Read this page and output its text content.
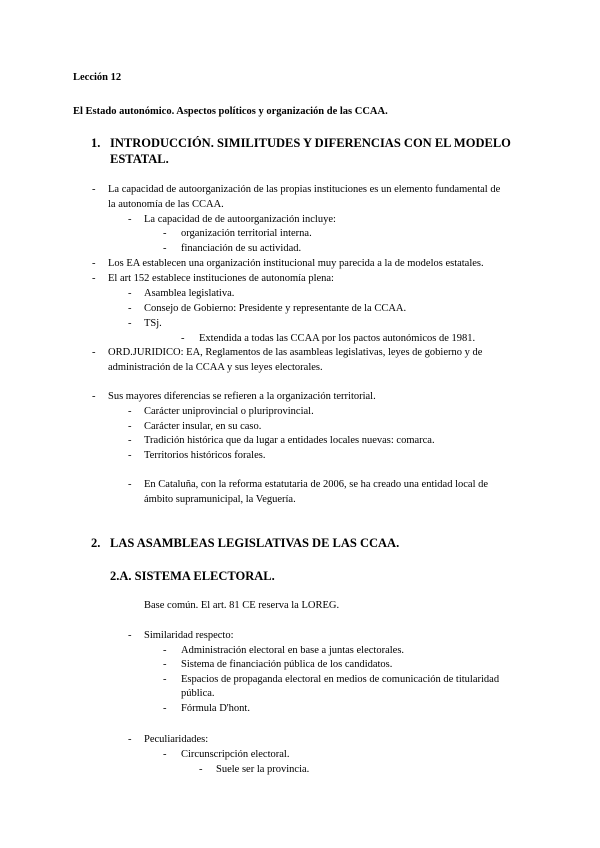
Lección 12
El Estado autonómico. Aspectos políticos y organización de las CCAA.
1. INTRODUCCIÓN. SIMILITUDES Y DIFERENCIAS CON EL MODELO
ESTATAL.
- La capacidad de autoorganización de las propias instituciones es un elemento fundamental de
la autonomía de las CCAA.
- La capacidad de de autoorganización incluye:
- organización territorial interna.
- financiación de su actividad.
- Los EA establecen una organización institucional muy parecida a la de modelos estatales.
- El art 152 establece instituciones de autonomía plena:
- Asamblea legislativa.
- Consejo de Gobierno: Presidente y representante de la CCAA.
- TSj.
- Extendida a todas las CCAA por los pactos autonómicos de 1981.
- ORD.JURIDICO: EA, Reglamentos de las asambleas legislativas, leyes de gobierno y de
administración de la CCAA y sus leyes electorales.
- Sus mayores diferencias se refieren a la organización territorial.
- Carácter uniprovincial o pluriprovincial.
- Carácter insular, en su caso.
- Tradición histórica que da lugar a entidades locales nuevas: comarca.
- Territorios históricos forales.
- En Cataluña, con la reforma estatutaria de 2006, se ha creado una entidad local de
ámbito supramunicipal, la Veguería.
2. LAS ASAMBLEAS LEGISLATIVAS DE LAS CCAA.
2.A. SISTEMA ELECTORAL.
Base común. El art. 81 CE reserva la LOREG.
- Similaridad respecto:
- Administración electoral en base a juntas electorales.
- Sistema de financiación pública de los candidatos.
- Espacios de propaganda electoral en medios de comunicación de titularidad
pública.
- Fórmula D'hont.
- Peculiaridades:
- Circunscripción electoral.
- Suele ser la provincia.
